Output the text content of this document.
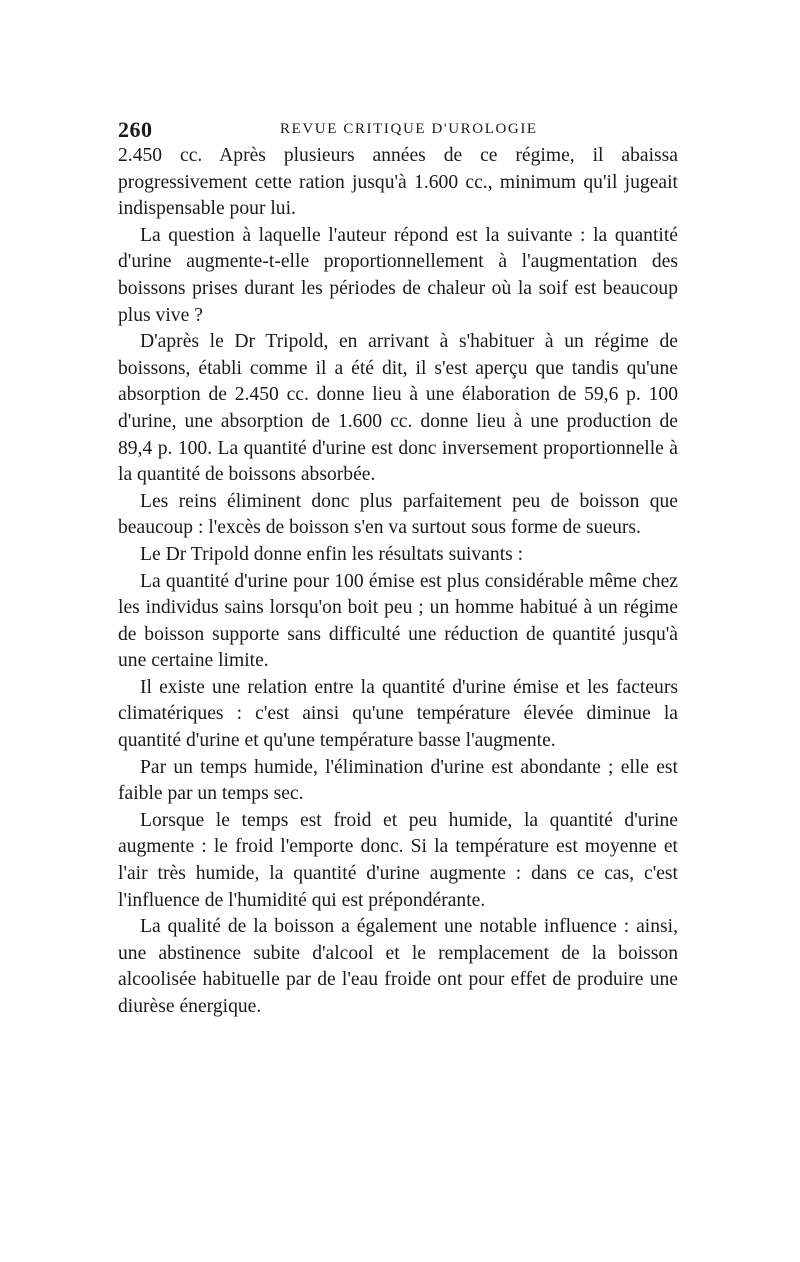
260	REVUE CRITIQUE D'UROLOGIE

2.450 cc. Après plusieurs années de ce régime, il abaissa progressivement cette ration jusqu'à 1.600 cc., minimum qu'il jugeait indispensable pour lui.

La question à laquelle l'auteur répond est la suivante : la quantité d'urine augmente-t-elle proportionnellement à l'augmentation des boissons prises durant les périodes de chaleur où la soif est beaucoup plus vive ?

D'après le Dr Tripold, en arrivant à s'habituer à un régime de boissons, établi comme il a été dit, il s'est aperçu que tandis qu'une absorption de 2.450 cc. donne lieu à une élaboration de 59,6 p. 100 d'urine, une absorption de 1.600 cc. donne lieu à une production de 89,4 p. 100. La quantité d'urine est donc inversement proportionnelle à la quantité de boissons absorbée.

Les reins éliminent donc plus parfaitement peu de boisson que beaucoup : l'excès de boisson s'en va surtout sous forme de sueurs.

Le Dr Tripold donne enfin les résultats suivants :

La quantité d'urine pour 100 émise est plus considérable même chez les individus sains lorsqu'on boit peu ; un homme habitué à un régime de boisson supporte sans difficulté une réduction de quantité jusqu'à une certaine limite.

Il existe une relation entre la quantité d'urine émise et les facteurs climatériques : c'est ainsi qu'une température élevée diminue la quantité d'urine et qu'une température basse l'augmente.

Par un temps humide, l'élimination d'urine est abondante ; elle est faible par un temps sec.

Lorsque le temps est froid et peu humide, la quantité d'urine augmente : le froid l'emporte donc. Si la température est moyenne et l'air très humide, la quantité d'urine augmente : dans ce cas, c'est l'influence de l'humidité qui est prépondérante.

La qualité de la boisson a également une notable influence : ainsi, une abstinence subite d'alcool et le remplacement de la boisson alcoolisée habituelle par de l'eau froide ont pour effet de produire une diurèse énergique.
